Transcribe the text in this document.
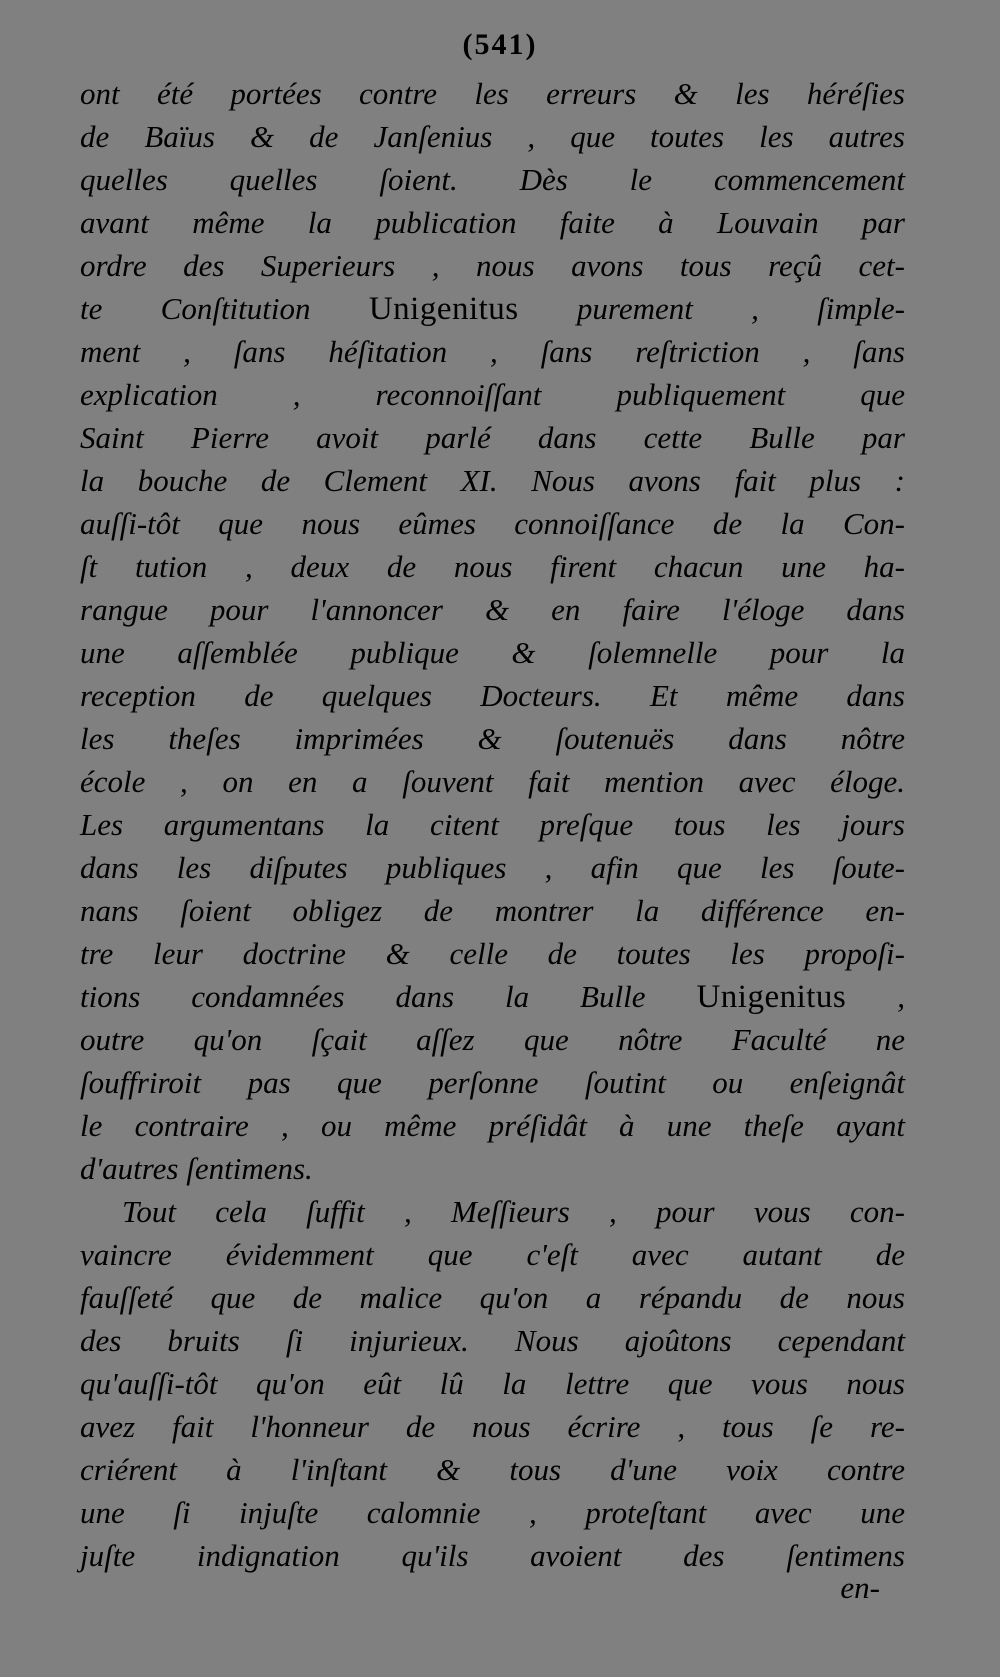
(541)
ont été portées contre les erreurs & les héréſies
de Baïus & de Janſenius , que toutes les autres
quelles quelles ſoient. Dès le commencement
avant même la publication faite à Louvain par
ordre des Superieurs , nous avons tous reçû cet-
te Conſtitution Unigenitus purement , ſimple-
ment , ſans héſitation , ſans reſtriction , ſans
explication , reconnoiſſant publiquement que
Saint Pierre avoit parlé dans cette Bulle par
la bouche de Clement XI. Nous avons fait plus :
auſſi-tôt que nous eûmes connoiſſance de la Con-
ſt tution , deux de nous firent chacun une ha-
rangue pour l'annoncer & en faire l'éloge dans
une aſſemblée publique & ſolemnelle pour la
reception de quelques Docteurs. Et même dans
les theſes imprimées & ſoutenuës dans nôtre
école , on en a ſouvent fait mention avec éloge.
Les argumentans la citent preſque tous les jours
dans les diſputes publiques , afin que les ſoute-
nans ſoient obligez de montrer la différence en-
tre leur doctrine & celle de toutes les propoſi-
tions condamnées dans la Bulle Unigenitus ,
outre qu'on ſçait aſſez que nôtre Faculté ne
ſouffriroit pas que perſonne ſoutint ou enſeignât
le contraire , ou même préſidât à une theſe ayant
d'autres ſentimens.
Tout cela ſuffit , Meſſieurs , pour vous con-
vaincre évidemment que c'eſt avec autant de
fauſſeté que de malice qu'on a répandu de nous
des bruits ſi injurieux. Nous ajoûtons cependant
qu'auſſi-tôt qu'on eût lû la lettre que vous nous
avez fait l'honneur de nous écrire , tous ſe re-
criérent à l'inſtant & tous d'une voix contre
une ſi injuſte calomnie , proteſtant avec une
juſte indignation qu'ils avoient des ſentimens
en-
